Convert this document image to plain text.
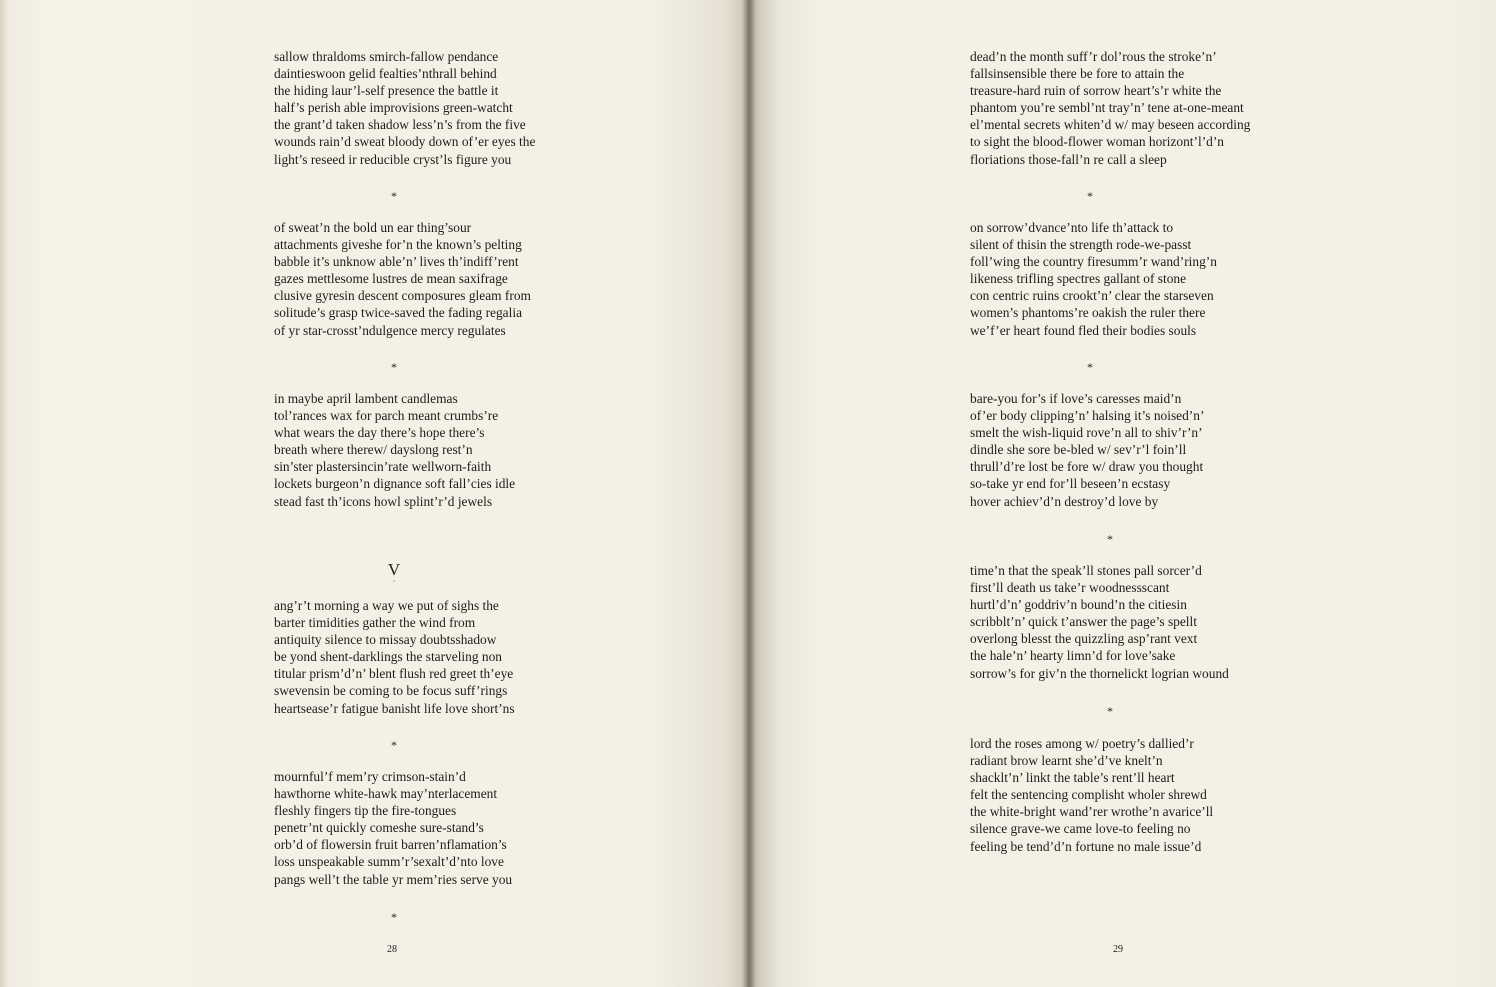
sallow thraldoms smirch-fallow pendance
daintieswoon gelid fealties’nthrall behind
the hiding laur’l-self presence the battle it
half’s perish able improvisions green-watcht
the grant’d taken shadow less’n’s from the five
wounds rain’d sweat bloody down of’er eyes the
light’s reseed ir reducible cryst’ls figure you
*
of sweat’n the bold un ear thing’sour
attachments giveshe for’n the known’s pelting
babble it’s unknow able’n’ lives th’indiff’rent
gazes mettlesome lustres de mean saxifrage
clusive gyresin descent composures gleam from
solitude’s grasp twice-saved the fading regalia
of yr star-crosst’ndulgence mercy regulates
*
in maybe april lambent candlemas
tol’rances wax for parch meant crumbs’re
what wears the day there’s hope there’s
breath where therew/ dayslong rest’n
sin’ster plastersincin’rate wellworn-faith
lockets burgeon’n dignance soft fall’cies idle
stead fast th’icons howl splint’r’d jewels
V
·
ang’r’t morning a way we put of sighs the
barter timidities gather the wind from
antiquity silence to missay doubtsshadow
be yond shent-darklings the starveling non
titular prism’d’n’ blent flush red greet th’eye
swevensin be coming to be focus suff’rings
heartsease’r fatigue banisht life love short’ns
*
mournful’f mem’ry crimson-stain’d
hawthorne white-hawk may’nterlacement
fleshly fingers tip the fire-tongues
penetr’nt quickly comeshe sure-stand’s
orb’d of flowersin fruit barren’nflamation’s
loss unspeakable summ’r’sexalt’d’nto love
pangs well’t the table yr mem’ries serve you
*
28
dead’n the month suff’r dol’rous the stroke’n’
fallsinsensible there be fore to attain the
treasure-hard ruin of sorrow heart’s’r white the
phantom you’re sembl’nt tray’n’ tene at-one-meant
el’mental secrets whiten’d w/ may beseen according
to sight the blood-flower woman horizont’l’d’n
floriations those-fall’n re call a sleep
*
on sorrow’dvance’nto life th’attack to
silent of thisin the strength rode-we-passt
foll’wing the country firesumm’r wand’ring’n
likeness trifling spectres gallant of stone
con centric ruins crookt’n’ clear the starseven
women’s phantoms’re oakish the ruler there
we’f’er heart found fled their bodies souls
*
bare-you for’s if love’s caresses maid’n
of’er body clipping’n’ halsing it’s noised’n’
smelt the wish-liquid rove’n all to shiv’r’n’
dindle she sore be-bled w/ sev’r’l foin’ll
thrull’d’re lost be fore w/ draw you thought
so-take yr end for’ll beseen’n ecstasy
hover achiev’d’n destroy’d love by
*
time’n that the speak’ll stones pall sorcer’d
first’ll death us take’r woodnessscant
hurtl’d’n’ goddriv’n bound’n the citiesin
scribblt’n’ quick t’answer the page’s spellt
overlong blesst the quizzling asp’rant vext
the hale’n’ hearty limn’d for love’sake
sorrow’s for giv’n the thornelickt logrian wound
*
lord the roses among w/ poetry’s dallied’r
radiant brow learnt she’d’ve knelt’n
shacklt’n’ linkt the table’s rent’ll heart
felt the sentencing complisht wholer shrewd
the white-bright wand’rer wrothe’n avarice’ll
silence grave-we came love-to feeling no
feeling be tend’d’n fortune no male issue’d
29
